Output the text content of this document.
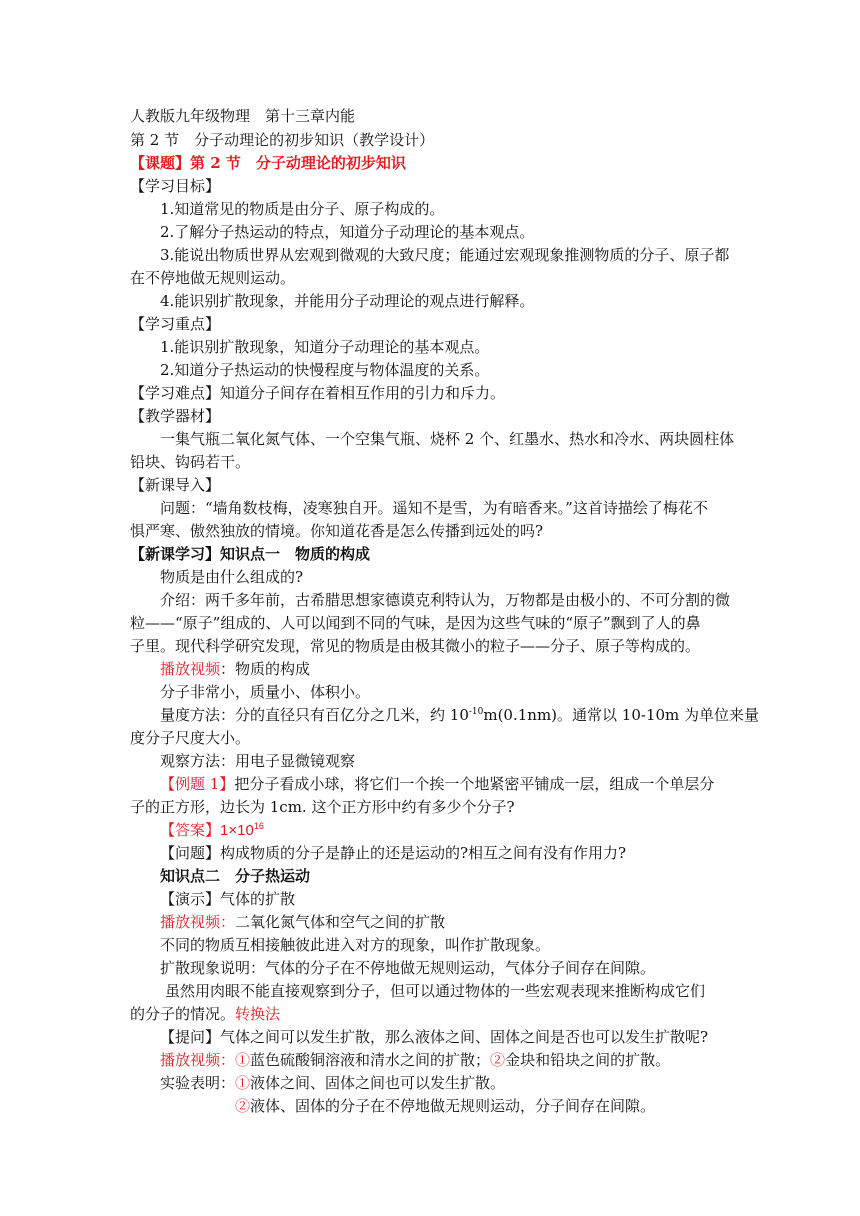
人教版九年级物理　第十三章内能
第 2 节　分子动理论的初步知识（教学设计）
【课题】第 2 节　分子动理论的初步知识
【学习目标】
1.知道常见的物质是由分子、原子构成的。
2.了解分子热运动的特点，知道分子动理论的基本观点。
3.能说出物质世界从宏观到微观的大致尺度；能通过宏观现象推测物质的分子、原子都
在不停地做无规则运动。
4.能识别扩散现象，并能用分子动理论的观点进行解释。
【学习重点】
1.能识别扩散现象，知道分子动理论的基本观点。
2.知道分子热运动的快慢程度与物体温度的关系。
【学习难点】知道分子间存在着相互作用的引力和斥力。
【教学器材】
一集气瓶二氧化氮气体、一个空集气瓶、烧杯 2 个、红墨水、热水和冷水、两块圆柱体
铅块、钩码若干。
【新课导入】
问题：“墙角数枝梅，凌寒独自开。遥知不是雪，为有暗香来。”这首诗描绘了梅花不
惧严寒、傲然独放的情境。你知道花香是怎么传播到远处的吗?
【新课学习】知识点一　物质的构成
物质是由什么组成的?
介绍：两千多年前，古希腊思想家德谟克利特认为，万物都是由极小的、不可分割的微
粒——“原子”组成的、人可以闻到不同的气味，是因为这些气味的“原子”飘到了人的鼻
子里。现代科学研究发现，常见的物质是由极其微小的粒子——分子、原子等构成的。
播放视频：物质的构成
分子非常小，质量小、体积小。
量度方法：分的直径只有百亿分之几米，约 $10^{-10}m(0.1nm)$。通常以 10-10m 为单位来量
度分子尺度大小。
观察方法：用电子显微镜观察
【例题 1】把分子看成小球，将它们一个挨一个地紧密平铺成一层，组成一个单层分
子的正方形，边长为 1cm. 这个正方形中约有多少个分子?
【答案】$1\times 10^{16}$
【问题】构成物质的分子是静止的还是运动的?相互之间有没有作用力?
知识点二　分子热运动
【演示】气体的扩散
播放视频：二氧化氮气体和空气之间的扩散
不同的物质互相接触彼此进入对方的现象，叫作扩散现象。
扩散现象说明：气体的分子在不停地做无规则运动，气体分子间存在间隙。
虽然用肉眼不能直接观察到分子，但可以通过物体的一些宏观表现来推断构成它们
的分子的情况。转换法
【提问】气体之间可以发生扩散，那么液体之间、固体之间是否也可以发生扩散呢?
播放视频：①蓝色硫酸铜溶液和清水之间的扩散；②金块和铅块之间的扩散。
实验表明：①液体之间、固体之间也可以发生扩散。
②液体、固体的分子在不停地做无规则运动，分子间存在间隙。
